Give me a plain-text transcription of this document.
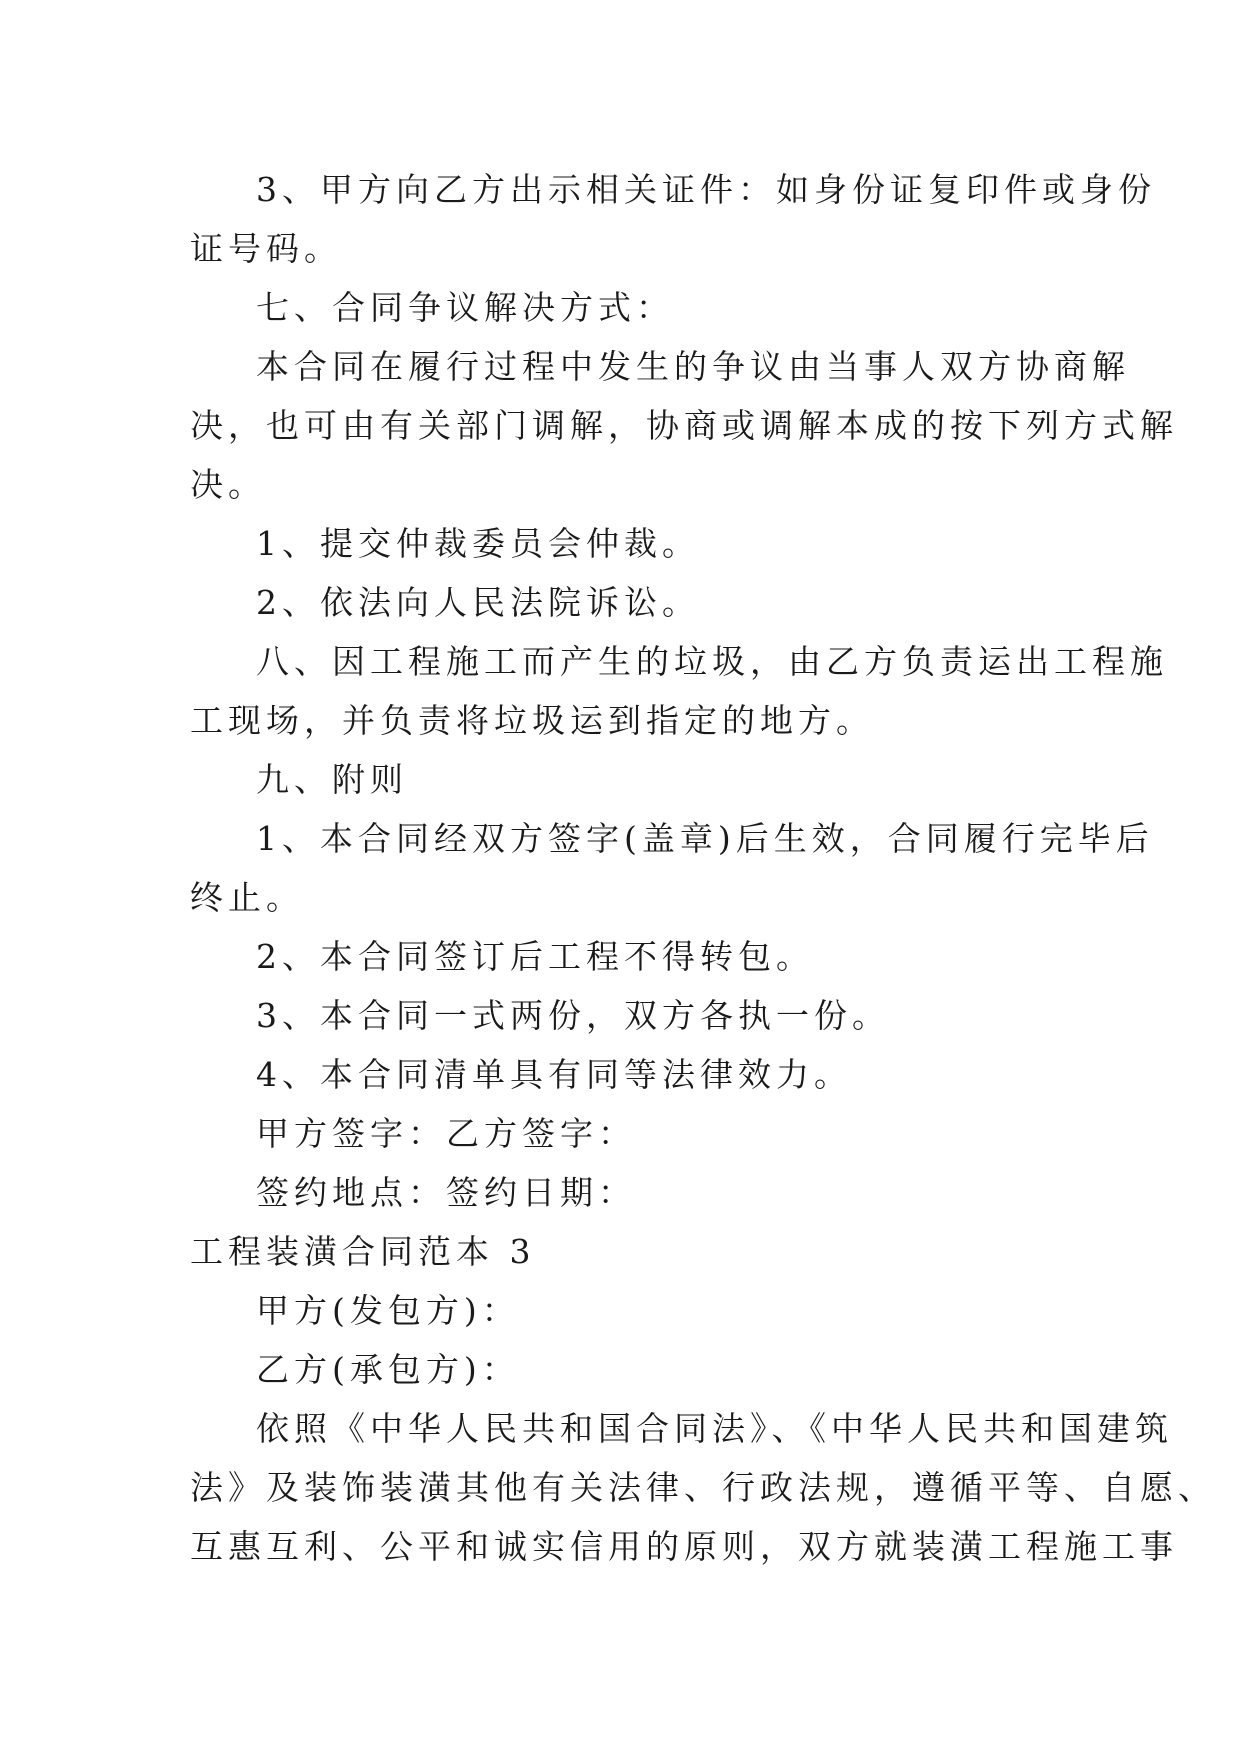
3、甲方向乙方出示相关证件：如身份证复印件或身份
证号码。
七、合同争议解决方式：
本合同在履行过程中发生的争议由当事人双方协商解
决，也可由有关部门调解，协商或调解本成的按下列方式解
决。
1、提交仲裁委员会仲裁。
2、依法向人民法院诉讼。
八、因工程施工而产生的垃圾，由乙方负责运出工程施
工现场，并负责将垃圾运到指定的地方。
九、附则
1、本合同经双方签字(盖章)后生效，合同履行完毕后
终止。
2、本合同签订后工程不得转包。
3、本合同一式两份，双方各执一份。
4、本合同清单具有同等法律效力。
甲方签字：乙方签字：
签约地点：签约日期：
工程装潢合同范本 3
甲方(发包方)：
乙方(承包方)：
依照《中华人民共和国合同法》、《中华人民共和国建筑
法》及装饰装潢其他有关法律、行政法规，遵循平等、自愿、
互惠互利、公平和诚实信用的原则，双方就装潢工程施工事
